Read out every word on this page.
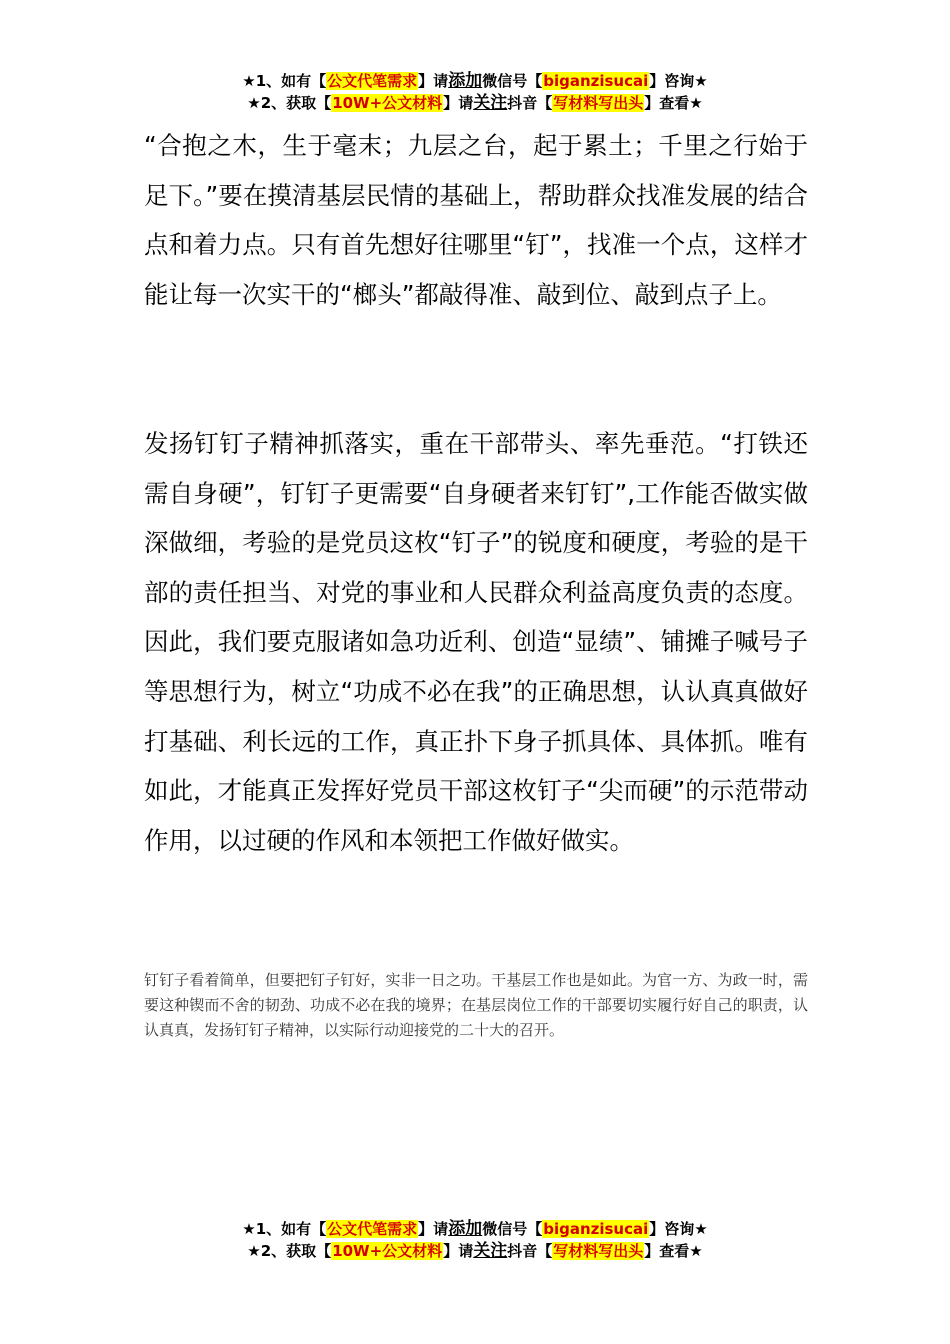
★1、如有【公文代笔需求】请添加微信号【biganzisucai】咨询★
★2、获取【10W+公文材料】请关注抖音【写材料写出头】查看★

“合抱之木，生于毫末；九层之台，起于累土；千里之行始于足下。”要在摸清基层民情的基础上，帮助群众找准发展的结合点和着力点。只有首先想好往哪里“钉”，找准一个点，这样才能让每一次实干的“榔头”都敲得准、敲到位、敲到点子上。

发扬钉钉子精神抓落实，重在干部带头、率先垂范。“打铁还需自身硬”，钉钉子更需要“自身硬者来钉钉”,工作能否做实做深做细，考验的是党员这枚“钉子”的锐度和硬度，考验的是干部的责任担当、对党的事业和人民群众利益高度负责的态度。因此，我们要克服诸如急功近利、创造“显绩”、铺摊子喊号子等思想行为，树立“功成不必在我”的正确思想，认认真真做好打基础、利长远的工作，真正扑下身子抓具体、具体抓。唯有如此，才能真正发挥好党员干部这枚钉子“尖而硬”的示范带动作用，以过硬的作风和本领把工作做好做实。

钉钉子看着简单，但要把钉子钉好，实非一日之功。干基层工作也是如此。为官一方、为政一时，需要这种锲而不舍的韧劲、功成不必在我的境界；在基层岗位工作的干部要切实履行好自己的职责，认认真真，发扬钉钉子精神，以实际行动迎接党的二十大的召开。

★1、如有【公文代笔需求】请添加微信号【biganzisucai】咨询★
★2、获取【10W+公文材料】请关注抖音【写材料写出头】查看★
